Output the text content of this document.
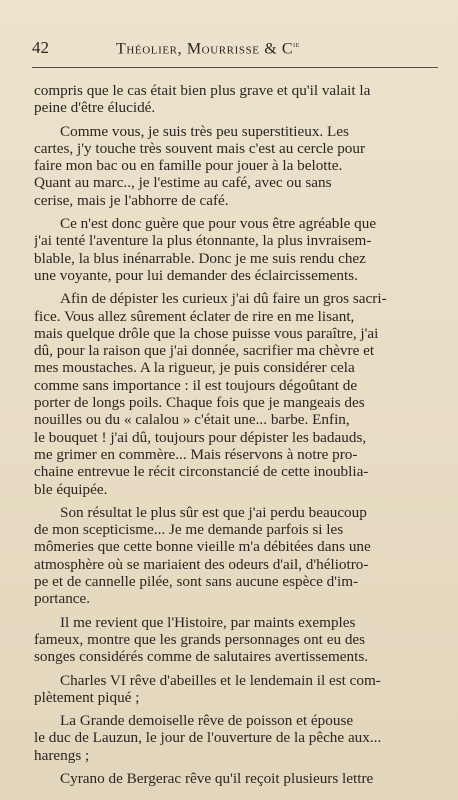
42	Théolier, Mourrisse & $C^{ie}$

compris que le cas était bien plus grave et qu'il valait la
peine d'être élucidé.

Comme vous, je suis très peu superstitieux. Les
cartes, j'y touche très souvent mais c'est au cercle pour
faire mon bac ou en famille pour jouer à la belotte.
Quant au marc.., je l'estime au café, avec ou sans
cerise, mais je l'abhorre de café.

Ce n'est donc guère que pour vous être agréable que
j'ai tenté l'aventure la plus étonnante, la plus invraisem-
blable, la blus inénarrable. Donc je me suis rendu chez
une voyante, pour lui demander des éclaircissements.

Afin de dépister les curieux j'ai dû faire un gros sacri-
fice. Vous allez sûrement éclater de rire en me lisant,
mais quelque drôle que la chose puisse vous paraître, j'ai
dû, pour la raison que j'ai donnée, sacrifier ma chèvre et
mes moustaches. A la rigueur, je puis considérer cela
comme sans importance : il est toujours dégoûtant de
porter de longs poils. Chaque fois que je mangeais des
nouilles ou du « calalou » c'était une... barbe. Enfin,
le bouquet ! j'ai dû, toujours pour dépister les badauds,
me grimer en commère... Mais réservons à notre pro-
chaine entrevue le récit circonstancié de cette inoublia-
ble équipée.

Son résultat le plus sûr est que j'ai perdu beaucoup
de mon scepticisme... Je me demande parfois si les
mômeries que cette bonne vieille m'a débitées dans une
atmosphère où se mariaient des odeurs d'ail, d'héliotro-
pe et de cannelle pilée, sont sans aucune espèce d'im-
portance.

Il me revient que l'Histoire, par maints exemples
fameux, montre que les grands personnages ont eu des
songes considérés comme de salutaires avertissements.

Charles VI rêve d'abeilles et le lendemain il est com-
plètement piqué ;

La Grande demoiselle rêve de poisson et épouse
le duc de Lauzun, le jour de l'ouverture de la pêche aux...
harengs ;

Cyrano de Bergerac rêve qu'il reçoit plusieurs lettre
